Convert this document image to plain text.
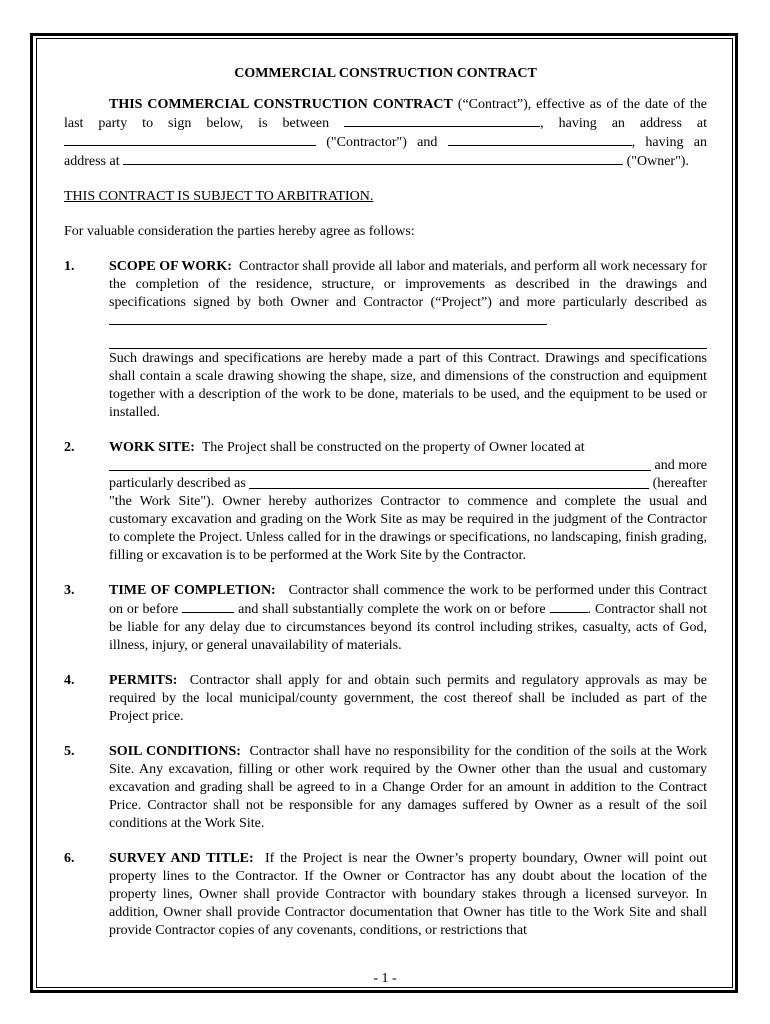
COMMERCIAL CONSTRUCTION CONTRACT

THIS COMMERCIAL CONSTRUCTION CONTRACT (“Contract”), effective as of the date of the last party to sign below, is between	, having an address at  ("Contractor") and	, having an address at	("Owner").

THIS CONTRACT IS SUBJECT TO ARBITRATION.

For valuable consideration the parties hereby agree as follows:

1.	SCOPE OF WORK: Contractor shall provide all labor and materials, and perform all work necessary for the completion of the residence, structure, or improvements as described in the drawings and specifications signed by both Owner and Contractor (“Project”) and more particularly described as

Such drawings and specifications are hereby made a part of this Contract. Drawings and specifications shall contain a scale drawing showing the shape, size, and dimensions of the construction and equipment together with a description of the work to be done, materials to be used, and the equipment to be used or installed.

2.	WORK SITE: The Project shall be constructed on the property of Owner located at

and more
particularly described as
	(hereafter

"the Work Site"). Owner hereby authorizes Contractor to commence and complete the usual and customary excavation and grading on the Work Site as may be required in the judgment of the Contractor to complete the Project. Unless called for in the drawings or specifications, no landscaping, finish grading, filling or excavation is to be performed at the Work Site by the Contractor.

3.	TIME OF COMPLETION: Contractor shall commence the work to be performed under this Contract on or before	and shall substantially complete the work on or before	. Contractor shall not be liable for any delay due to circumstances beyond its control including strikes, casualty, acts of God, illness, injury, or general unavailability of materials.

4.	PERMITS: Contractor shall apply for and obtain such permits and regulatory approvals as may be required by the local municipal/county government, the cost thereof shall be included as part of the Project price.

5.	SOIL CONDITIONS: Contractor shall have no responsibility for the condition of the soils at the Work Site. Any excavation, filling or other work required by the Owner other than the usual and customary excavation and grading shall be agreed to in a Change Order for an amount in addition to the Contract Price. Contractor shall not be responsible for any damages suffered by Owner as a result of the soil conditions at the Work Site.

6.	SURVEY AND TITLE: If the Project is near the Owner’s property boundary, Owner will point out property lines to the Contractor. If the Owner or Contractor has any doubt about the location of the property lines, Owner shall provide Contractor with boundary stakes through a licensed surveyor. In addition, Owner shall provide Contractor documentation that Owner has title to the Work Site and shall provide Contractor copies of any covenants, conditions, or restrictions that

- 1 -
